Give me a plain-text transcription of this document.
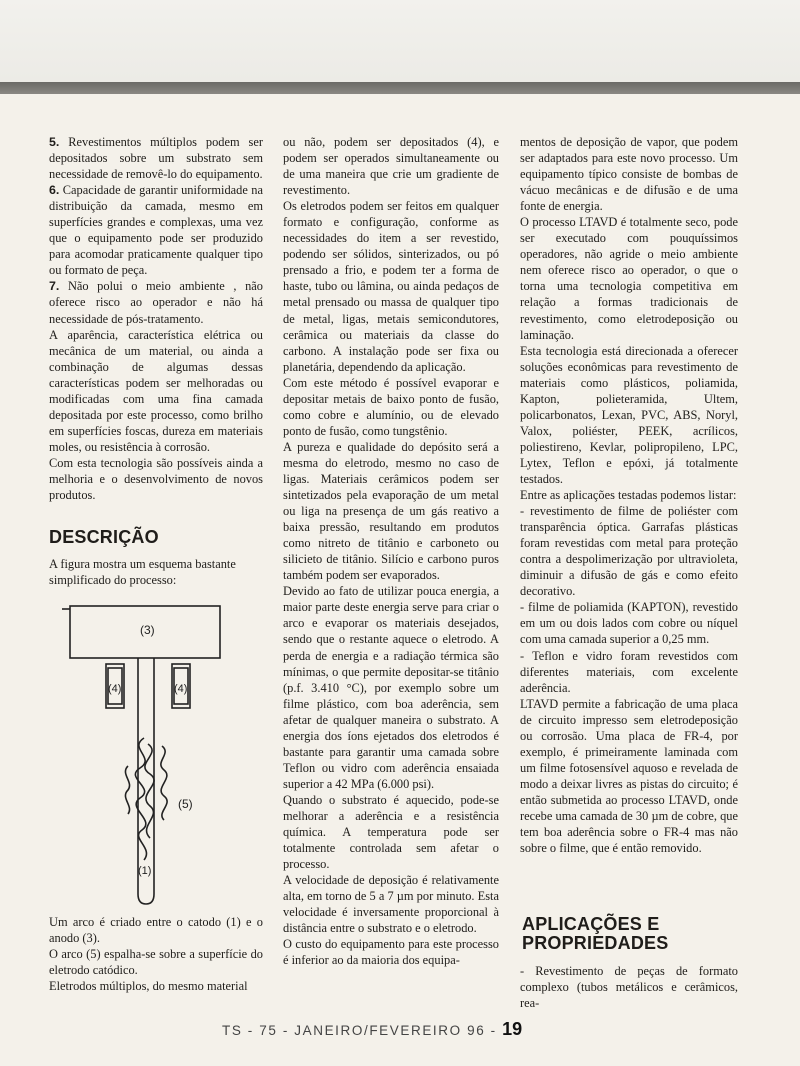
5. Revestimentos múltiplos podem ser depositados sobre um substrato sem necessidade de removê-lo do equipamento.

6. Capacidade de garantir uniformidade na distribuição da camada, mesmo em superfícies grandes e complexas, uma vez que o equipamento pode ser produzido para acomodar praticamente qualquer tipo ou formato de peça.

7. Não polui o meio ambiente , não oferece risco ao operador e não há necessidade de pós-tratamento.

A aparência, característica elétrica ou mecânica de um material, ou ainda a combinação de algumas dessas características podem ser melhoradas ou modificadas com uma fina camada depositada por este processo, como brilho em superfícies foscas, dureza em materiais moles, ou resistência à corrosão.

Com esta tecnologia são possíveis ainda a melhoria e o desenvolvimento de novos produtos.

DESCRIÇÃO

A figura mostra um esquema bastante simplificado do processo:

(3)
(4)	(4)
(5)
(1)

Um arco é criado entre o catodo (1) e o anodo (3).

O arco (5) espalha-se sobre a superfície do eletrodo catódico.

Eletrodos múltiplos, do mesmo material

ou não, podem ser depositados (4), e podem ser operados simultaneamente ou de uma maneira que crie um gradiente de revestimento.

Os eletrodos podem ser feitos em qualquer formato e configuração, conforme as necessidades do item a ser revestido, podendo ser sólidos, sinterizados, ou pó prensado a frio, e podem ter a forma de haste, tubo ou lâmina, ou ainda pedaços de metal prensado ou massa de qualquer tipo de metal, ligas, metais semicondutores, cerâmica ou materiais da classe do carbono. A instalação pode ser fixa ou planetária, dependendo da aplicação.

Com este método é possível evaporar e depositar metais de baixo ponto de fusão, como cobre e alumínio, ou de elevado ponto de fusão, como tungstênio.

A pureza e qualidade do depósito será a mesma do eletrodo, mesmo no caso de ligas. Materiais cerâmicos podem ser sintetizados pela evaporação de um metal ou liga na presença de um gás reativo a baixa pressão, resultando em produtos como nitreto de titânio e carboneto ou silicieto de titânio. Silício e carbono puros também podem ser evaporados.

Devido ao fato de utilizar pouca energia, a maior parte deste energia serve para criar o arco e evaporar os materiais desejados, sendo que o restante aquece o eletrodo. A perda de energia e a radiação térmica são mínimas, o que permite depositar-se titânio (p.f. 3.410 °C), por exemplo sobre um filme plástico, com boa aderência, sem afetar de qualquer maneira o substrato. A energia dos íons ejetados dos eletrodos é bastante para garantir uma camada sobre Teflon ou vidro com aderência ensaiada superior a 42 MPa (6.000 psi).

Quando o substrato é aquecido, pode-se melhorar a aderência e a resistência química. A temperatura pode ser totalmente controlada sem afetar o processo.

A velocidade de deposição é relativamente alta, em torno de 5 a 7 µm por minuto. Esta velocidade é inversamente proporcional à distância entre o substrato e o eletrodo.

O custo do equipamento para este processo é inferior ao da maioria dos equipa-

mentos de deposição de vapor, que podem ser adaptados para este novo processo. Um equipamento típico consiste de bombas de vácuo mecânicas e de difusão e de uma fonte de energia.

O processo LTAVD é totalmente seco, pode ser executado com pouquíssimos operadores, não agride o meio ambiente nem oferece risco ao operador, o que o torna uma tecnologia competitiva em relação a formas tradicionais de revestimento, como eletrodeposição ou laminação.

Esta tecnologia está direcionada a oferecer soluções econômicas para revestimento de materiais como plásticos, poliamida, Kapton, polieteramida, Ultem, policarbonatos, Lexan, PVC, ABS, Noryl, Valox, poliéster, PEEK, acrílicos, poliestireno, Kevlar, polipropileno, LPC, Lytex, Teflon e epóxi, já totalmente testados.

Entre as aplicações testadas podemos listar:

- revestimento de filme de poliéster com transparência óptica. Garrafas plásticas foram revestidas com metal para proteção contra a despolimerização por ultravioleta, diminuir a difusão de gás e como efeito decorativo.

- filme de poliamida (KAPTON), revestido em um ou dois lados com cobre ou níquel com uma camada superior a 0,25 mm.

- Teflon e vidro foram revestidos com diferentes materiais, com excelente aderência.

LTAVD permite a fabricação de uma placa de circuito impresso sem eletrodeposição ou corrosão. Uma placa de FR-4, por exemplo, é primeiramente laminada com um filme fotosensível aquoso e revelada de modo a deixar livres as pistas do circuito; é então submetida ao processo LTAVD, onde recebe uma camada de 30 µm de cobre, que tem boa aderência sobre o FR-4 mas não sobre o filme, que é então removido.

APLICAÇÕES E PROPRIEDADES

- Revestimento de peças de formato complexo (tubos metálicos e cerâmicos, rea-

TS - 75 - JANEIRO/FEVEREIRO 96 - 19
